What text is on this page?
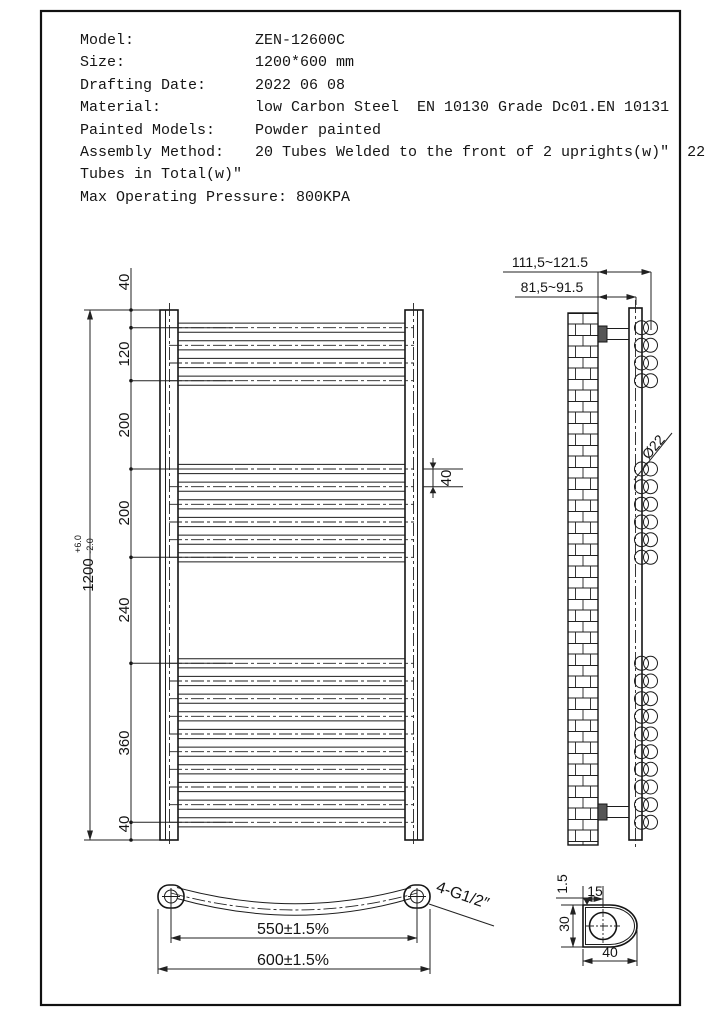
Model:	ZEN-12600C
Size:	1200*600 mm
Drafting Date:	2022 06 08
Material:	low Carbon Steel  EN 10130 Grade Dc01.EN 10131
Painted Models:	Powder painted
Assembly Method:	20 Tubes Welded to the front of 2 uprights(w)″  22
Tubes in Total(w)″
Max Operating Pressure: 800KPA
1200
+6.0 -2.0
40
120
200
200
240
360
40
40
111,5~121.5
81,5~91.5
Ø22
550±1.5%
600±1.5%
4-G1/2″	15
1.5
30
40
